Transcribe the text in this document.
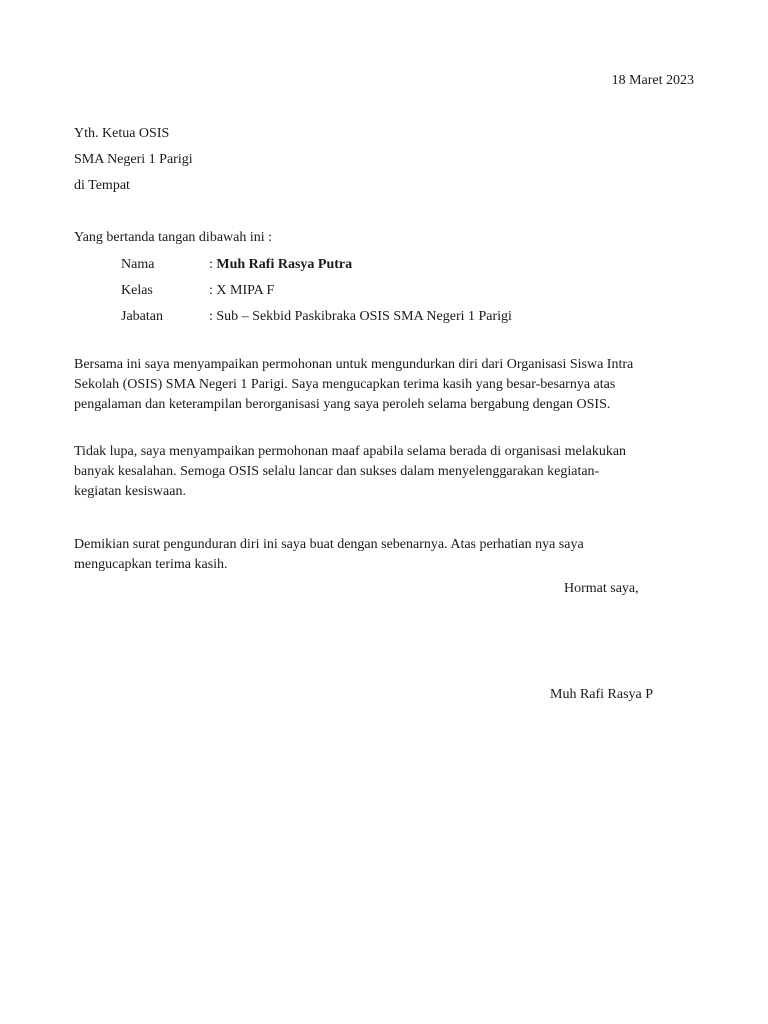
18 Maret 2023
Yth. Ketua OSIS
SMA Negeri 1 Parigi
di Tempat
Yang bertanda tangan dibawah ini :
Nama	: Muh Rafi Rasya Putra
Kelas	: X MIPA F
Jabatan	: Sub – Sekbid Paskibraka OSIS SMA Negeri 1 Parigi
Bersama ini saya menyampaikan permohonan untuk mengundurkan diri dari Organisasi Siswa Intra
Sekolah (OSIS) SMA Negeri 1 Parigi. Saya mengucapkan terima kasih yang besar-besarnya atas
pengalaman dan keterampilan berorganisasi yang saya peroleh selama bergabung dengan OSIS.
Tidak lupa, saya menyampaikan permohonan maaf apabila selama berada di organisasi melakukan
banyak kesalahan. Semoga OSIS selalu lancar dan sukses dalam menyelenggarakan kegiatan-
kegiatan kesiswaan.
Demikian surat pengunduran diri ini saya buat dengan sebenarnya. Atas perhatian nya saya
mengucapkan terima kasih.
Hormat saya,
Muh Rafi Rasya P
